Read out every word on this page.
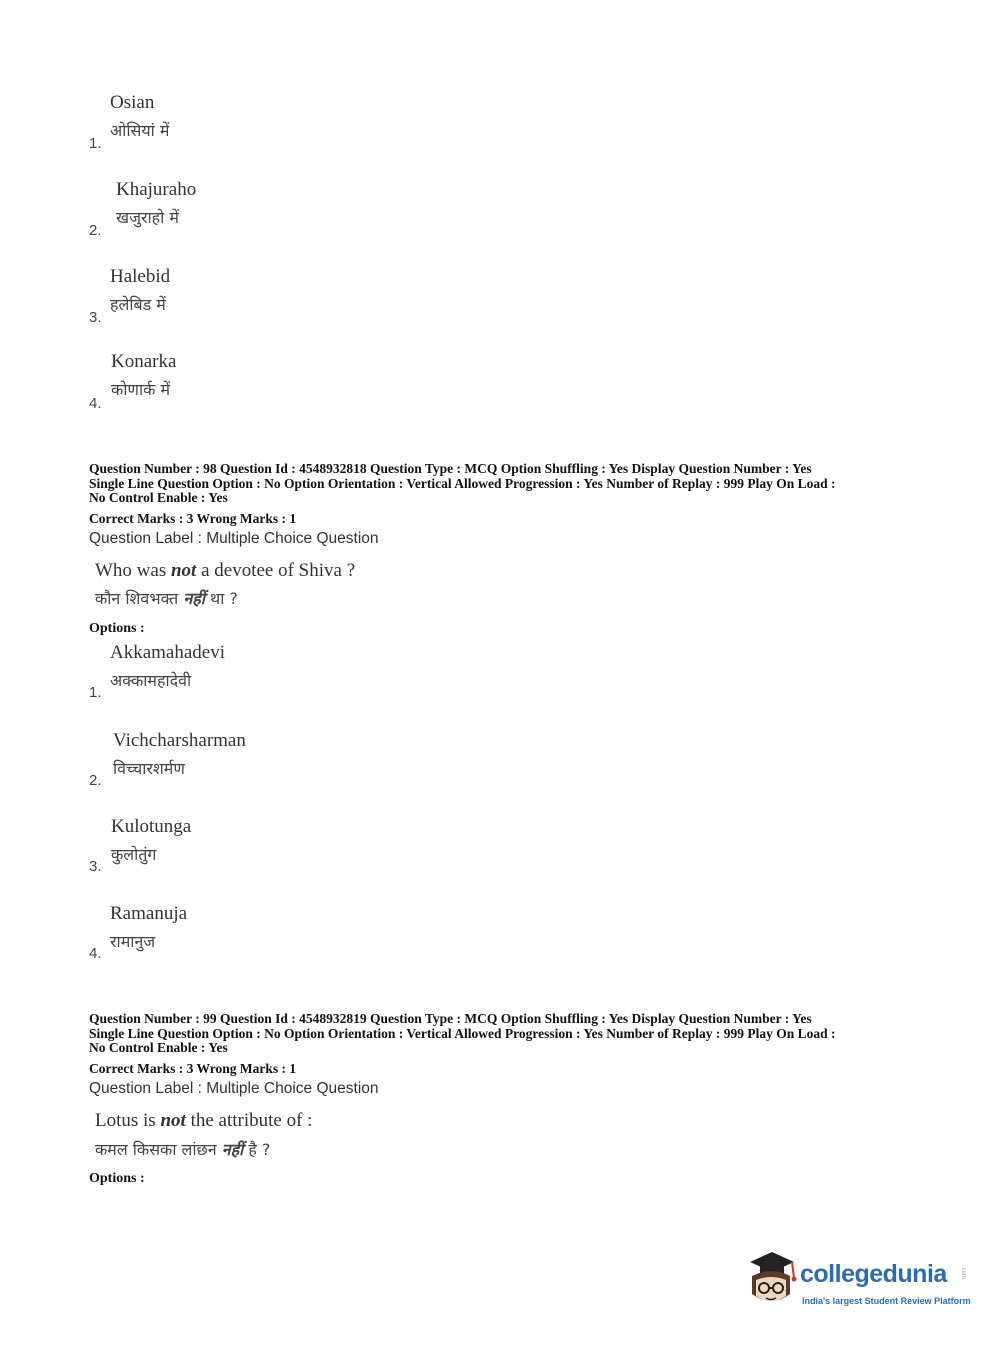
Osian
ओसियां में
1.
Khajuraho
खजुराहो में
2.
Halebid
हलेबिड में
3.
Konarka
कोणार्क में
4.
Question Number : 98 Question Id : 4548932818 Question Type : MCQ Option Shuffling : Yes Display Question Number : Yes
Single Line Question Option : No Option Orientation : Vertical Allowed Progression : Yes Number of Replay : 999 Play On Load :
No Control Enable : Yes
Correct Marks : 3 Wrong Marks : 1
Question Label : Multiple Choice Question
Who was not a devotee of Shiva ?
कौन शिवभक्त नहीं था ?
Options :
Akkamahadevi
अक्कामहादेवी
1.
Vichcharsharman
विच्चारशर्मण
2.
Kulotunga
कुलोतुंग
3.
Ramanuja
रामानुज
4.
Question Number : 99 Question Id : 4548932819 Question Type : MCQ Option Shuffling : Yes Display Question Number : Yes
Single Line Question Option : No Option Orientation : Vertical Allowed Progression : Yes Number of Replay : 999 Play On Load :
No Control Enable : Yes
Correct Marks : 3 Wrong Marks : 1
Question Label : Multiple Choice Question
Lotus is not the attribute of :
कमल किसका लांछन नहीं है ?
Options :
collegedunia .com
India's largest Student Review Platform
